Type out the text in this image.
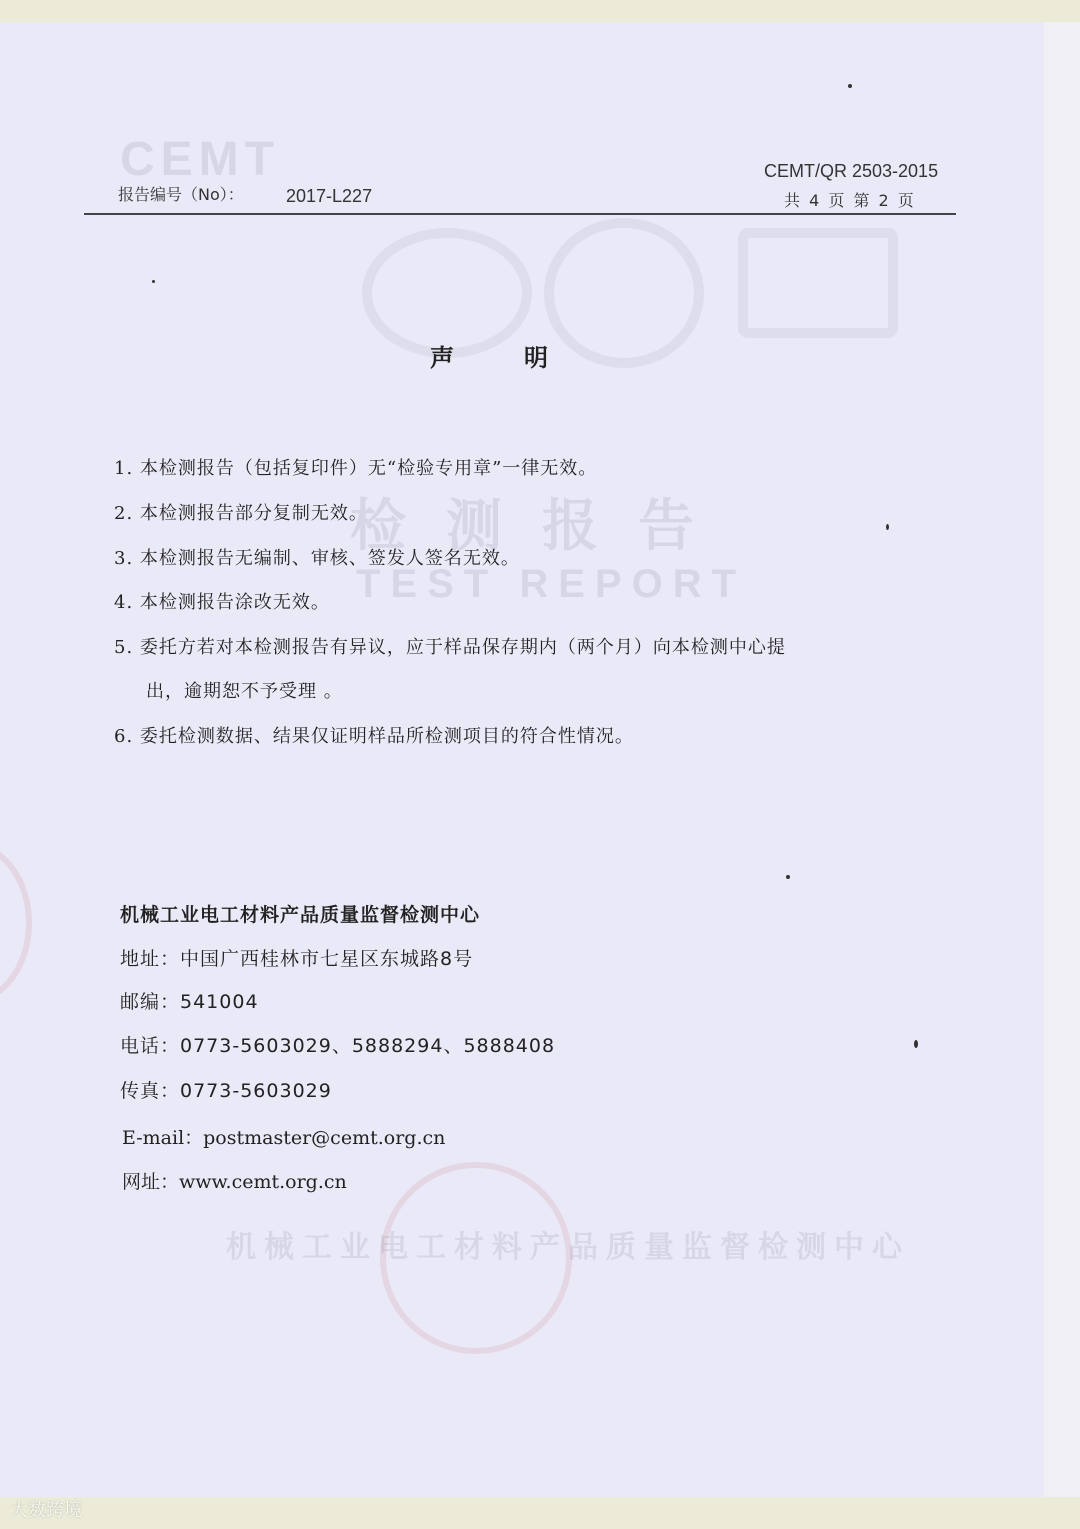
CEMT
检测报告
TEST REPORT
机械工业电工材料产品质量监督检测中心
报告编号（No）： 2017-L227
CEMT/QR 2503-2015
共 4 页 第 2 页
声明
1. 本检测报告（包括复印件）无“检验专用章”一律无效。
2. 本检测报告部分复制无效。
3. 本检测报告无编制、审核、签发人签名无效。
4. 本检测报告涂改无效。
5. 委托方若对本检测报告有异议，应于样品保存期内（两个月）向本检测中心提
出，逾期恕不予受理 。
6. 委托检测数据、结果仅证明样品所检测项目的符合性情况。
机械工业电工材料产品质量监督检测中心
地址：中国广西桂林市七星区东城路8号
邮编：541004
电话：0773-5603029、5888294、5888408
传真：0773-5603029
E-mail：postmaster@cemt.org.cn
网址：www.cemt.org.cn
大数跨境
